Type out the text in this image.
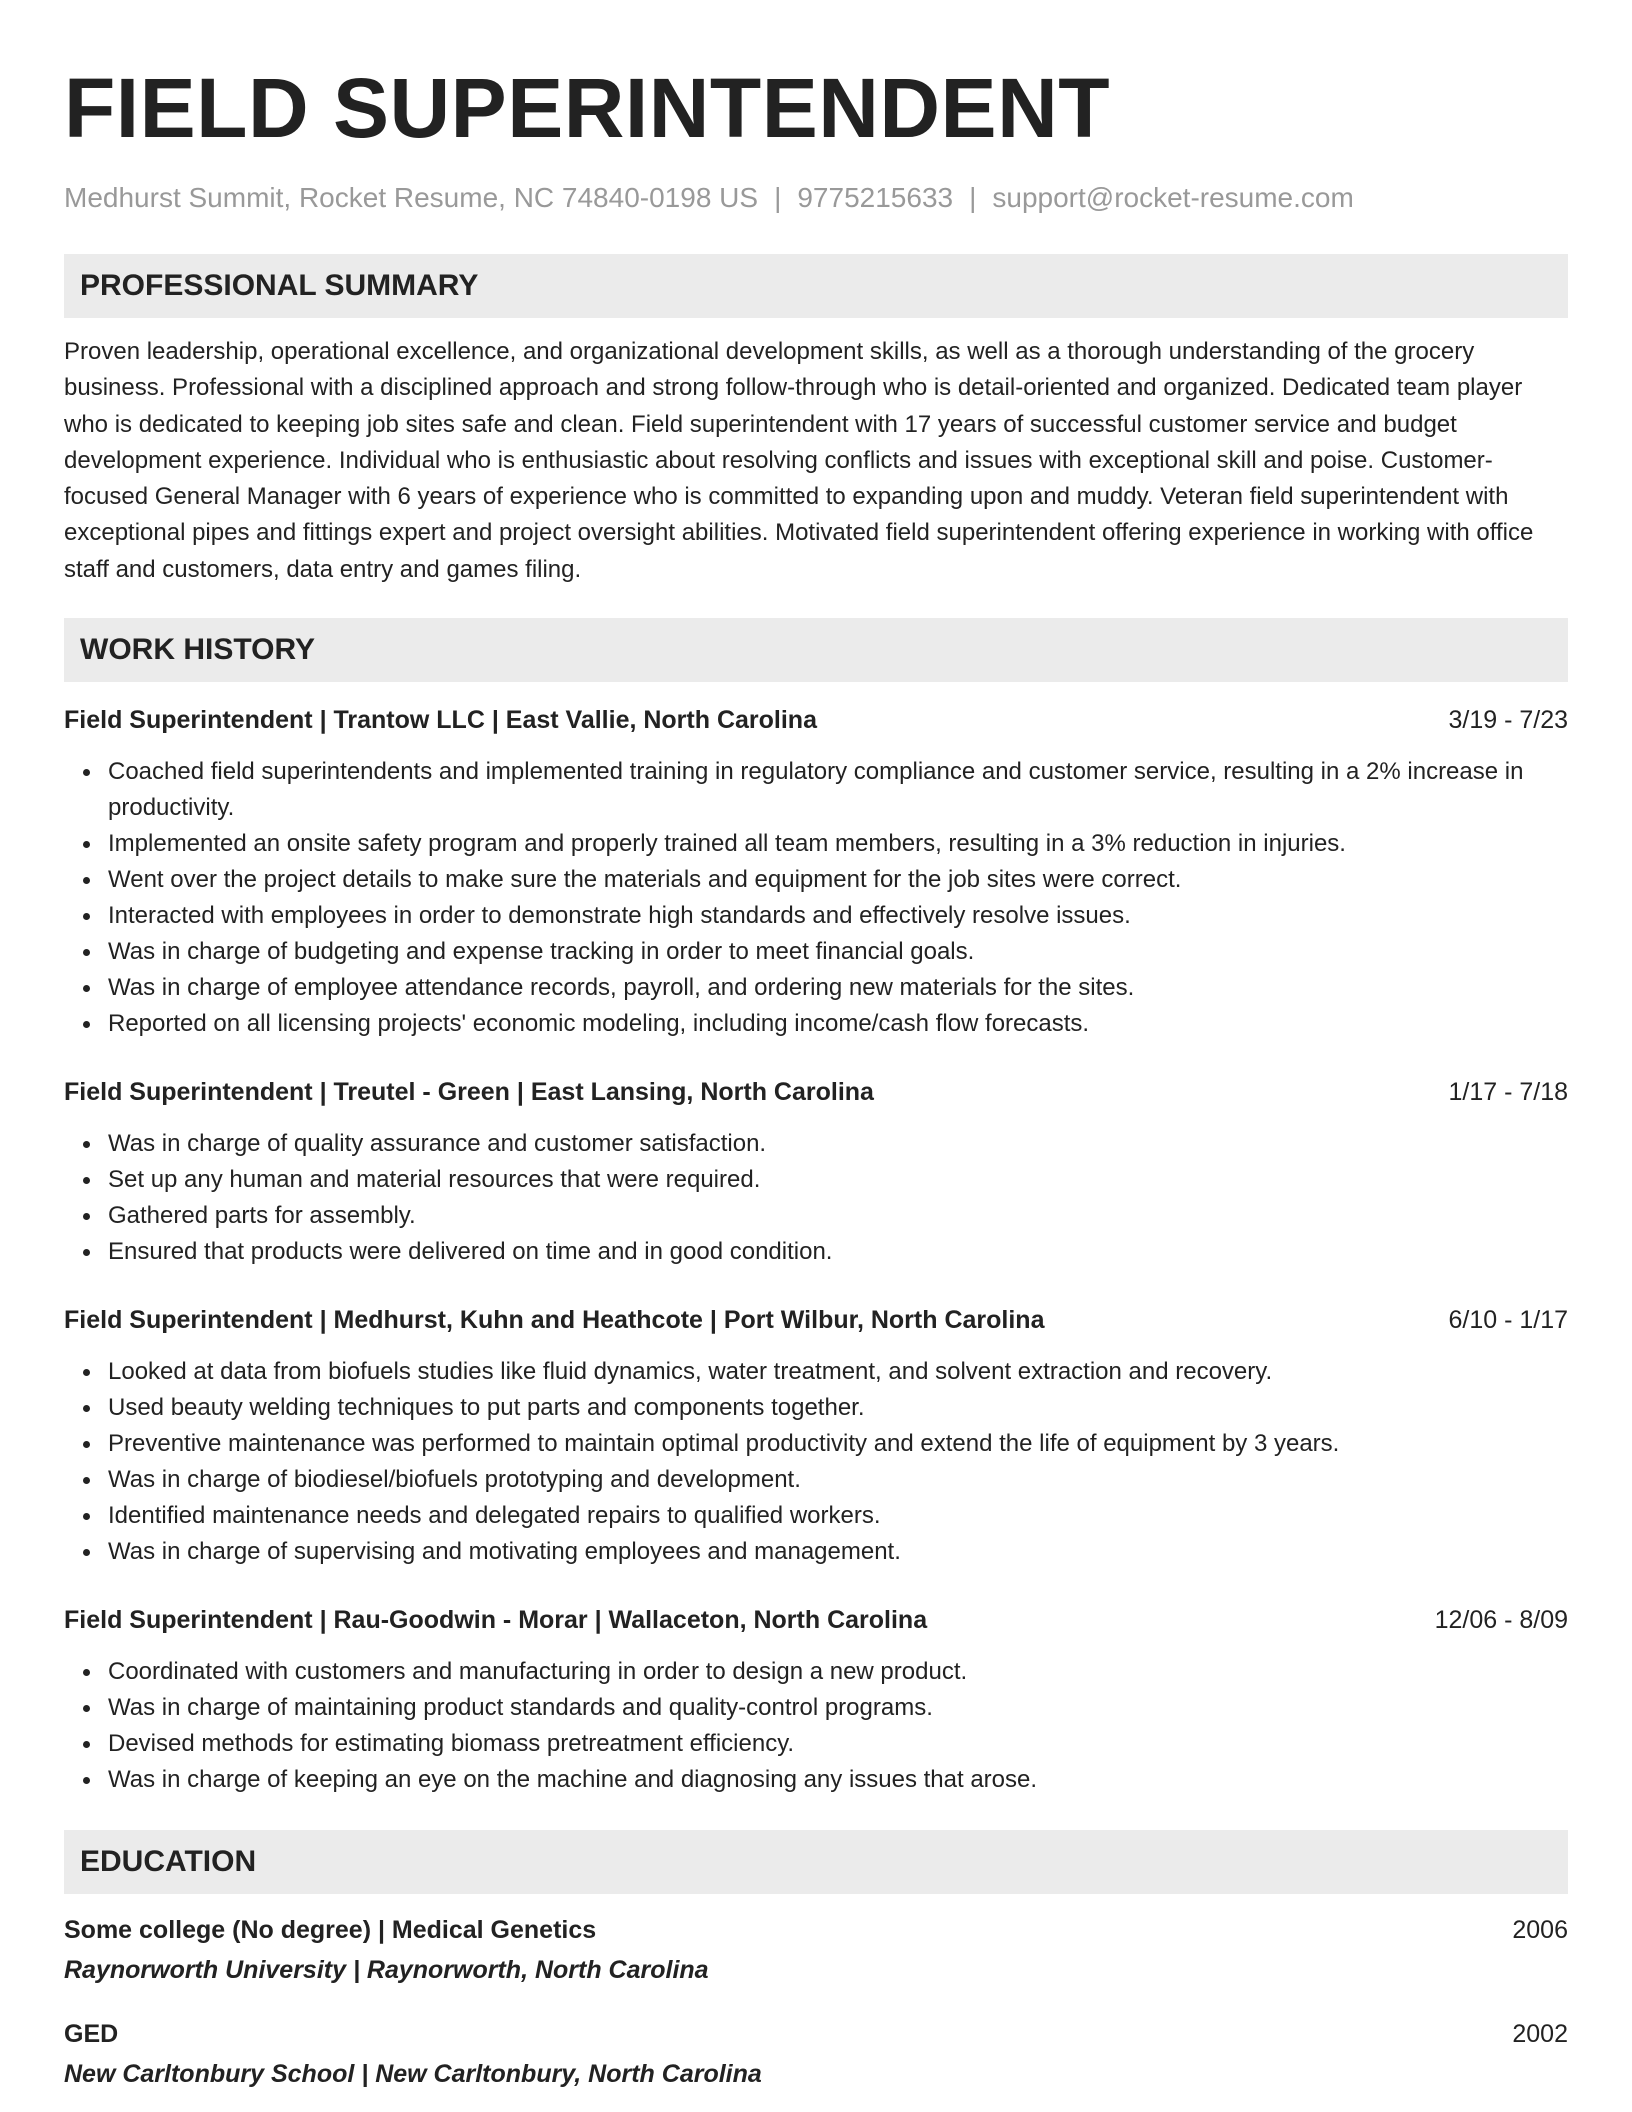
FIELD SUPERINTENDENT
Medhurst Summit, Rocket Resume, NC 74840-0198 US | 9775215633 | support@rocket-resume.com
PROFESSIONAL SUMMARY
Proven leadership, operational excellence, and organizational development skills, as well as a thorough understanding of the grocery business. Professional with a disciplined approach and strong follow-through who is detail-oriented and organized. Dedicated team player who is dedicated to keeping job sites safe and clean. Field superintendent with 17 years of successful customer service and budget development experience. Individual who is enthusiastic about resolving conflicts and issues with exceptional skill and poise. Customer-focused General Manager with 6 years of experience who is committed to expanding upon and muddy. Veteran field superintendent with exceptional pipes and fittings expert and project oversight abilities. Motivated field superintendent offering experience in working with office staff and customers, data entry and games filing.
WORK HISTORY
Field Superintendent | Trantow LLC | East Vallie, North Carolina	3/19 - 7/23
Coached field superintendents and implemented training in regulatory compliance and customer service, resulting in a 2% increase in productivity.
Implemented an onsite safety program and properly trained all team members, resulting in a 3% reduction in injuries.
Went over the project details to make sure the materials and equipment for the job sites were correct.
Interacted with employees in order to demonstrate high standards and effectively resolve issues.
Was in charge of budgeting and expense tracking in order to meet financial goals.
Was in charge of employee attendance records, payroll, and ordering new materials for the sites.
Reported on all licensing projects' economic modeling, including income/cash flow forecasts.
Field Superintendent | Treutel - Green | East Lansing, North Carolina	1/17 - 7/18
Was in charge of quality assurance and customer satisfaction.
Set up any human and material resources that were required.
Gathered parts for assembly.
Ensured that products were delivered on time and in good condition.
Field Superintendent | Medhurst, Kuhn and Heathcote | Port Wilbur, North Carolina	6/10 - 1/17
Looked at data from biofuels studies like fluid dynamics, water treatment, and solvent extraction and recovery.
Used beauty welding techniques to put parts and components together.
Preventive maintenance was performed to maintain optimal productivity and extend the life of equipment by 3 years.
Was in charge of biodiesel/biofuels prototyping and development.
Identified maintenance needs and delegated repairs to qualified workers.
Was in charge of supervising and motivating employees and management.
Field Superintendent | Rau-Goodwin - Morar | Wallaceton, North Carolina	12/06 - 8/09
Coordinated with customers and manufacturing in order to design a new product.
Was in charge of maintaining product standards and quality-control programs.
Devised methods for estimating biomass pretreatment efficiency.
Was in charge of keeping an eye on the machine and diagnosing any issues that arose.
EDUCATION
Some college (No degree) | Medical Genetics	2006
Raynorworth University | Raynorworth, North Carolina
GED	2002
New Carltonbury School | New Carltonbury, North Carolina
